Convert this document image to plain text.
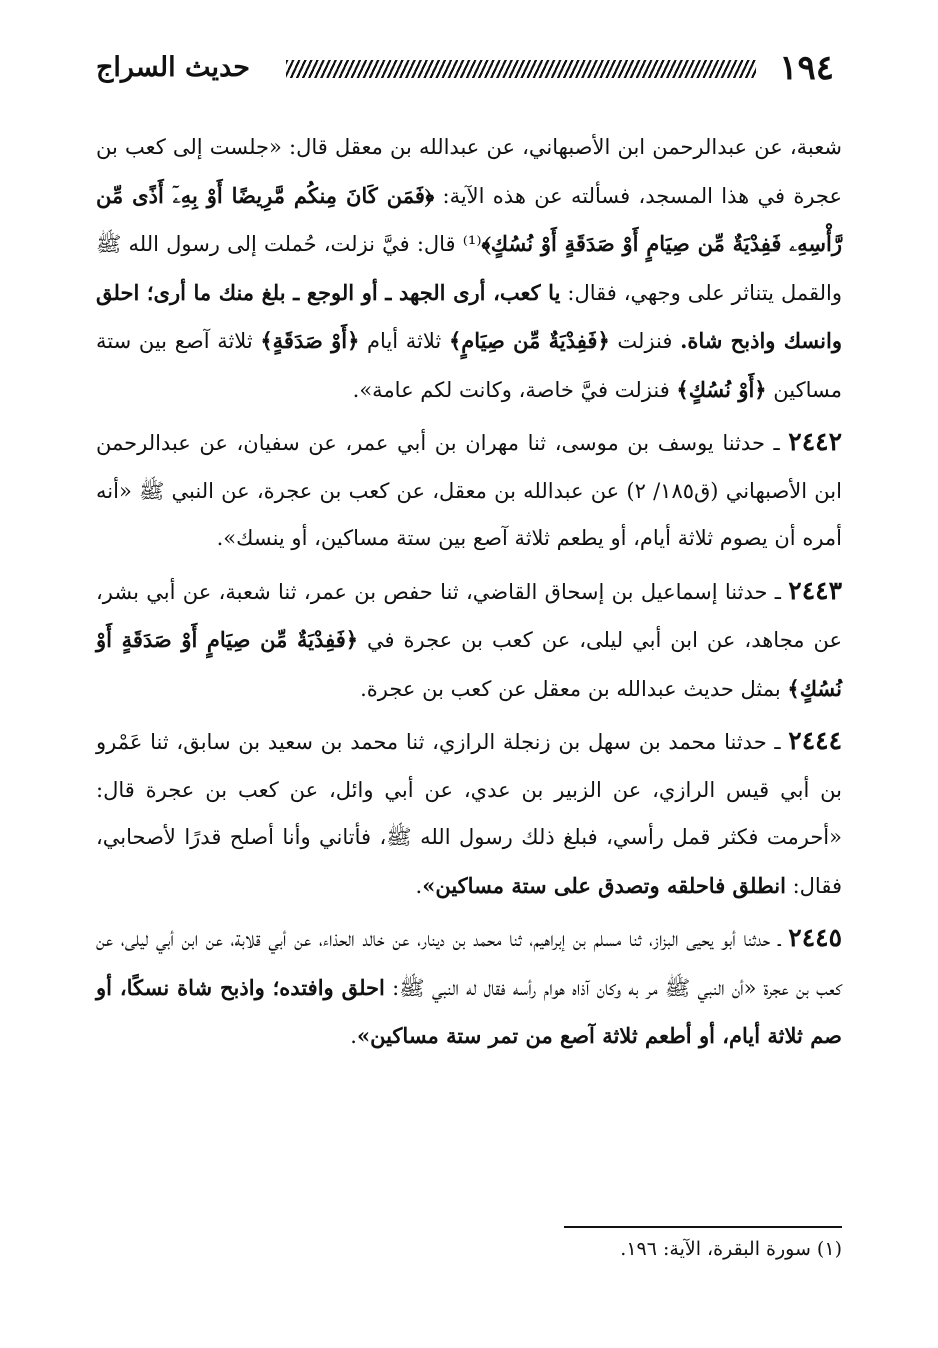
١٩٤
حديث السراج

شعبة، عن عبدالرحمن ابن الأصبهاني، عن عبدالله بن معقل قال: «جلست إلى كعب بن عجرة في هذا المسجد، فسألته عن هذه الآية: ﴿فَمَن كَانَ مِنكُم مَّرِيضًا أَوْ بِهِۦٓ أَذًى مِّن رَّأْسِهِۦ فَفِدْيَةٌ مِّن صِيَامٍ أَوْ صَدَقَةٍ أَوْ نُسُكٍ﴾⁽¹⁾ قال: فيَّ نزلت، حُملت إلى رسول الله ﷺ والقمل يتناثر على وجهي، فقال: يا كعب، أرى الجهد ـ أو الوجع ـ بلغ منك ما أرى؛ احلق وانسك واذبح شاة. فنزلت ﴿فَفِدْيَةٌ مِّن صِيَامٍ﴾ ثلاثة أيام ﴿أَوْ صَدَقَةٍ﴾ ثلاثة آصع بين ستة مساكين ﴿أَوْ نُسُكٍ﴾ فنزلت فيَّ خاصة، وكانت لكم عامة».

٢٤٤٢ ـ حدثنا يوسف بن موسى، ثنا مهران بن أبي عمر، عن سفيان، عن عبدالرحمن ابن الأصبهاني (ق١٨٥/ ٢) عن عبدالله بن معقل، عن كعب بن عجرة، عن النبي ﷺ «أنه أمره أن يصوم ثلاثة أيام، أو يطعم ثلاثة آصع بين ستة مساكين، أو ينسك».

٢٤٤٣ ـ حدثنا إسماعيل بن إسحاق القاضي، ثنا حفص بن عمر، ثنا شعبة، عن أبي بشر، عن مجاهد، عن ابن أبي ليلى، عن كعب بن عجرة في ﴿فَفِدْيَةٌ مِّن صِيَامٍ أَوْ صَدَقَةٍ أَوْ نُسُكٍ﴾ بمثل حديث عبدالله بن معقل عن كعب بن عجرة.

٢٤٤٤ ـ حدثنا محمد بن سهل بن زنجلة الرازي، ثنا محمد بن سعيد بن سابق، ثنا عَمْرو بن أبي قيس الرازي، عن الزبير بن عدي، عن أبي وائل، عن كعب بن عجرة قال: «أحرمت فكثر قمل رأسي، فبلغ ذلك رسول الله ﷺ، فأتاني وأنا أصلح قدرًا لأصحابي، فقال: انطلق فاحلقه وتصدق على ستة مساكين».

٢٤٤٥ ـ حدثنا أبو يحيى البزاز، ثنا مسلم بن إبراهيم، ثنا محمد بن دينار، عن خالد الحذاء، عن أبي قلابة، عن ابن أبي ليلى، عن كعب بن عجرة «أن النبي ﷺ مر به وكان آذاه هوام رأسه فقال له النبي ﷺ: احلق وافتده؛ واذبح شاة نسكًا، أو صم ثلاثة أيام، أو أطعم ثلاثة آصع من تمر ستة مساكين».

(١) سورة البقرة، الآية: ١٩٦.
